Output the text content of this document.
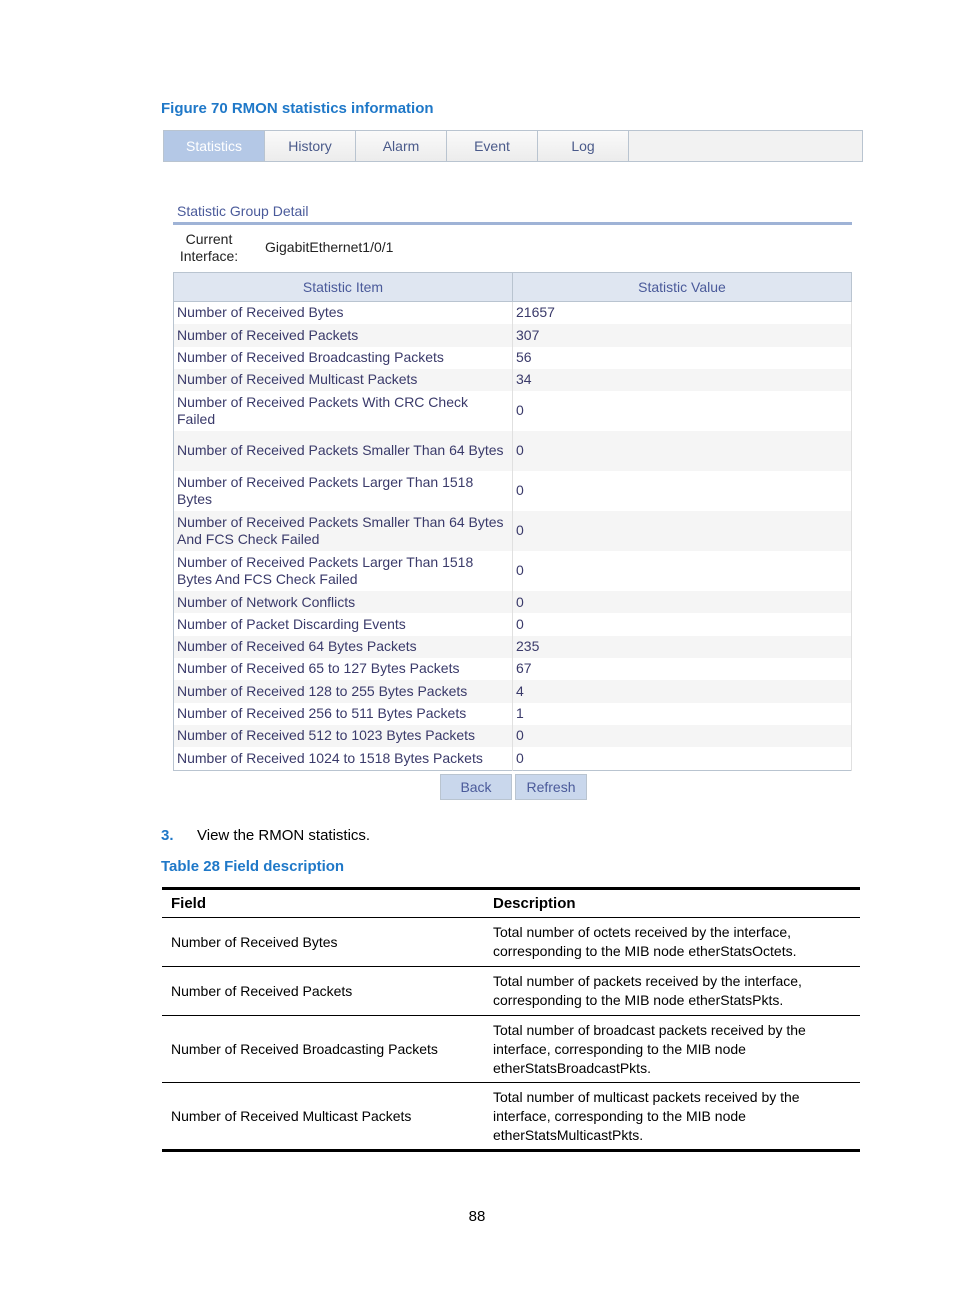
Figure 70 RMON statistics information
Statistics	History	Alarm	Event	Log
Statistic Group Detail
Current
Interface:
GigabitEthernet1/0/1
Statistic Item	Statistic Value
Number of Received Bytes	21657
Number of Received Packets	307
Number of Received Broadcasting Packets	56
Number of Received Multicast Packets	34
Number of Received Packets With CRC Check Failed	0
Number of Received Packets Smaller Than 64 Bytes	0
Number of Received Packets Larger Than 1518 Bytes	0
Number of Received Packets Smaller Than 64 Bytes And FCS Check Failed	0
Number of Received Packets Larger Than 1518 Bytes And FCS Check Failed	0
Number of Network Conflicts	0
Number of Packet Discarding Events	0
Number of Received 64 Bytes Packets	235
Number of Received 65 to 127 Bytes Packets	67
Number of Received 128 to 255 Bytes Packets	4
Number of Received 256 to 511 Bytes Packets	1
Number of Received 512 to 1023 Bytes Packets	0
Number of Received 1024 to 1518 Bytes Packets	0
Back	Refresh
3. View the RMON statistics.
Table 28 Field description
Field	Description
Number of Received Bytes	Total number of octets received by the interface, corresponding to the MIB node etherStatsOctets.
Number of Received Packets	Total number of packets received by the interface, corresponding to the MIB node etherStatsPkts.
Number of Received Broadcasting Packets	Total number of broadcast packets received by the interface, corresponding to the MIB node etherStatsBroadcastPkts.
Number of Received Multicast Packets	Total number of multicast packets received by the interface, corresponding to the MIB node etherStatsMulticastPkts.
88
